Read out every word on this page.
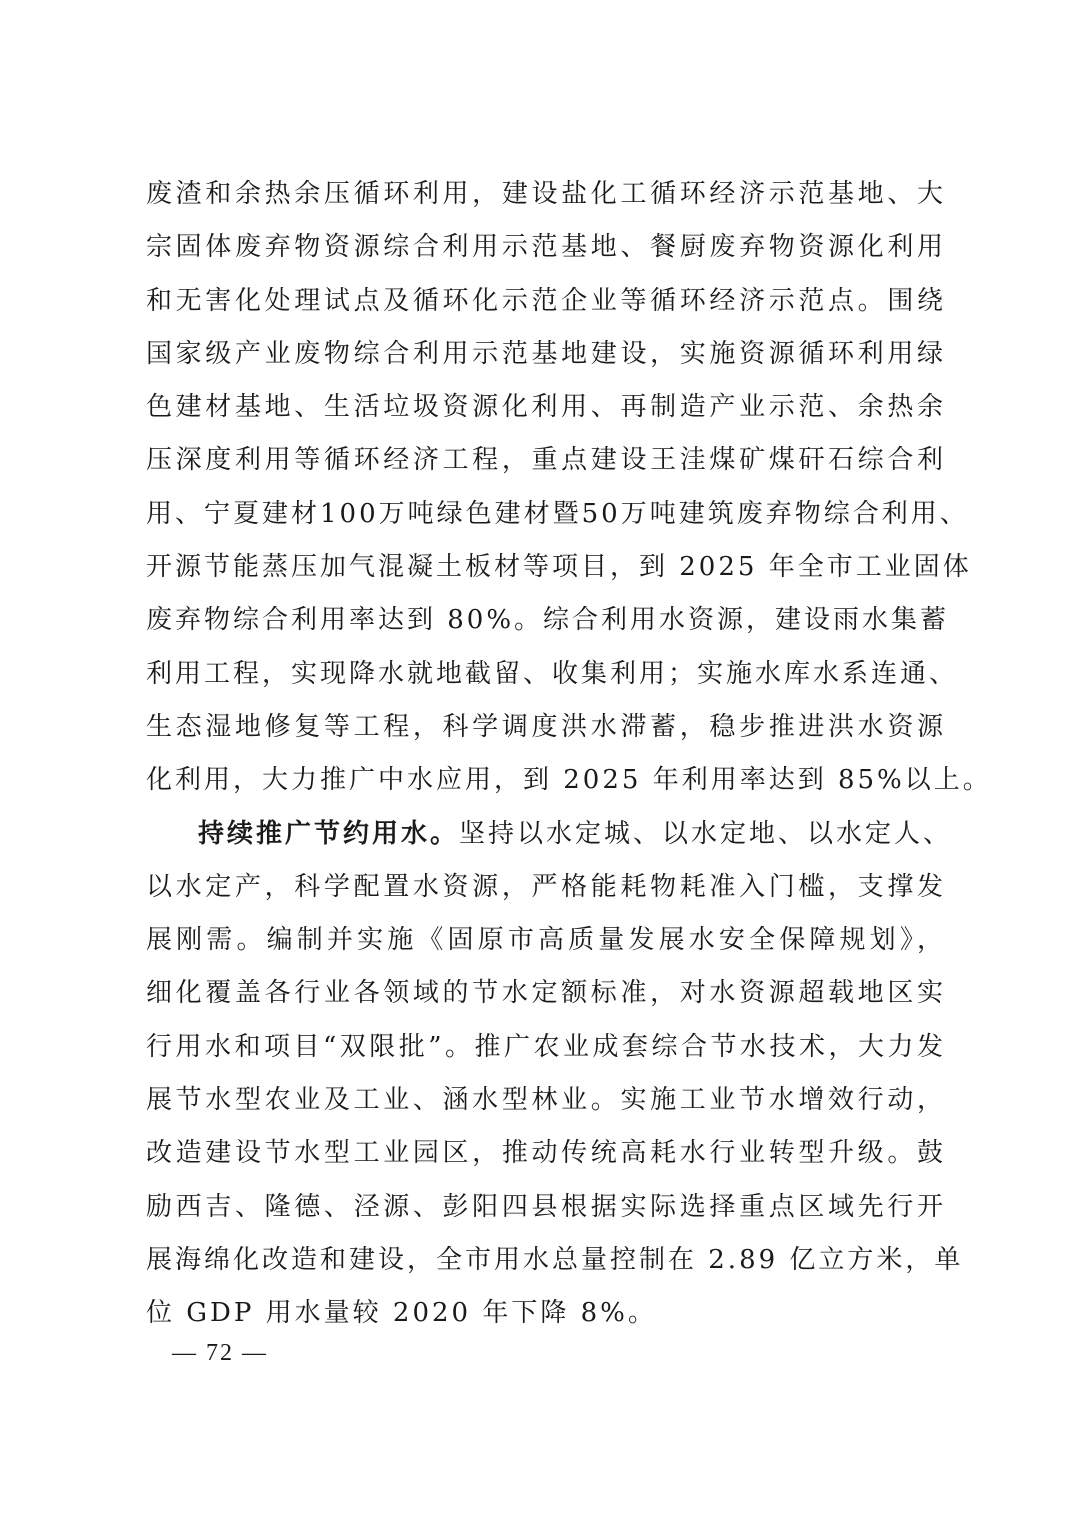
废渣和余热余压循环利用，建设盐化工循环经济示范基地、大
宗固体废弃物资源综合利用示范基地、餐厨废弃物资源化利用
和无害化处理试点及循环化示范企业等循环经济示范点。围绕
国家级产业废物综合利用示范基地建设，实施资源循环利用绿
色建材基地、生活垃圾资源化利用、再制造产业示范、余热余
压深度利用等循环经济工程，重点建设王洼煤矿煤矸石综合利
用、宁夏建材100万吨绿色建材暨50万吨建筑废弃物综合利用、
开源节能蒸压加气混凝土板材等项目，到 2025 年全市工业固体
废弃物综合利用率达到 80%。综合利用水资源，建设雨水集蓄
利用工程，实现降水就地截留、收集利用；实施水库水系连通、
生态湿地修复等工程，科学调度洪水滞蓄，稳步推进洪水资源
化利用，大力推广中水应用，到 2025 年利用率达到 85%以上。
持续推广节约用水。坚持以水定城、以水定地、以水定人、
以水定产，科学配置水资源，严格能耗物耗准入门槛，支撑发
展刚需。编制并实施《固原市高质量发展水安全保障规划》，
细化覆盖各行业各领域的节水定额标准，对水资源超载地区实
行用水和项目“双限批”。推广农业成套综合节水技术，大力发
展节水型农业及工业、涵水型林业。实施工业节水增效行动，
改造建设节水型工业园区，推动传统高耗水行业转型升级。鼓
励西吉、隆德、泾源、彭阳四县根据实际选择重点区域先行开
展海绵化改造和建设，全市用水总量控制在 2.89 亿立方米，单
位 GDP 用水量较 2020 年下降 8%。
— 72 —
